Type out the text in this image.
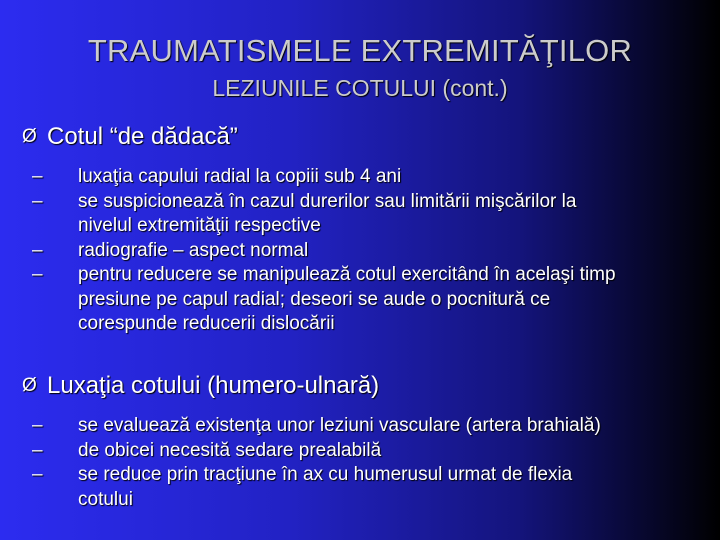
TRAUMATISMELE EXTREMITĂŢILOR
LEZIUNILE COTULUI (cont.)
Ø Cotul “de dădacă”
– luxaţia capului radial la copiii sub 4 ani
– se suspicionează în cazul durerilor sau limitării mişcărilor la
nivelul extremităţii respective
– radiografie – aspect normal
– pentru reducere se manipulează cotul exercitând în acelaşi timp
presiune pe capul radial; deseori se aude o pocnitură ce
corespunde reducerii dislocării
Ø Luxaţia cotului (humero-ulnară)
– se evaluează existenţa unor leziuni vasculare (artera brahială)
– de obicei necesită sedare prealabilă
– se reduce prin tracţiune în ax cu humerusul urmat de flexia
cotului
